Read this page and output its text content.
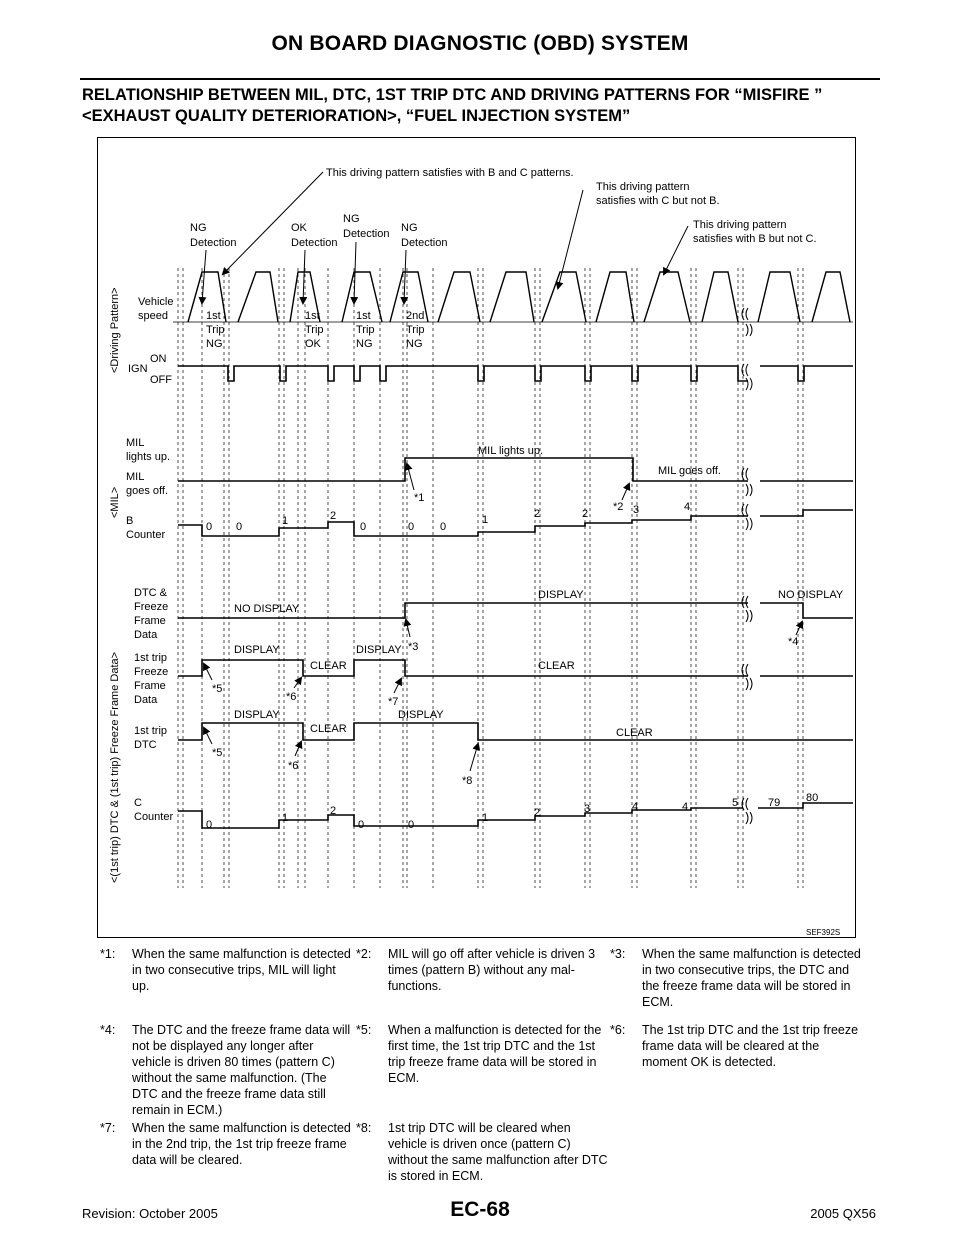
ON BOARD DIAGNOSTIC (OBD) SYSTEM
RELATIONSHIP BETWEEN MIL, DTC, 1ST TRIP DTC AND DRIVING PATTERNS FOR “MISFIRE ” <EXHAUST QUALITY DETERIORATION>, “FUEL INJECTION SYSTEM”
This driving pattern satisfies with B and C patterns.
This driving pattern
satisfies with C but not B.
This driving pattern
satisfies with B but not C.
NG
Detection
OK
Detection
NG
Detection NG
Detection
<Driving Pattern>
<MIL>
<(1st trip) DTC & (1st trip) Freeze Frame Data>
Vehicle
speed
ON
IGN
OFF
MIL
lights up.
MIL
goes off.
B
Counter
DTC &
Freeze
Frame
Data
1st trip
Freeze
Frame
Data
1st trip
DTC
C
Counter
1st
Trip
NG
1st
Trip
OK
1st
Trip
NG
2nd
Trip
NG
MIL lights up.
MIL goes off.
0 0	1	2
0	0 0
1	2	2	3	4
NO DISPLAY
DISPLAY	NO DISPLAY
DISPLAY
CLEAR
DISPLAY
CLEAR
DISPLAY
CLEAR
DISPLAY
CLEAR
0
1
2
0	0
1	2	3	4	4	5	79 80
*1
*2
*3	*4
*5
*6	*7
*5
*6
*8
SEF392S
*1: When the same malfunction is detected in two consecutive trips, MIL will light up.
*2: MIL will go off after vehicle is driven 3 times (pattern B) without any mal-functions.
*3: When the same malfunction is detected in two consecutive trips, the DTC and the freeze frame data will be stored in ECM.
*4: The DTC and the freeze frame data will not be displayed any longer after vehicle is driven 80 times (pattern C) without the same malfunction. (The DTC and the freeze frame data still remain in ECM.)
*5: When a malfunction is detected for the first time, the 1st trip DTC and the 1st trip freeze frame data will be stored in ECM.
*6: The 1st trip DTC and the 1st trip freeze frame data will be cleared at the moment OK is detected.
*7: When the same malfunction is detected in the 2nd trip, the 1st trip freeze frame data will be cleared.
*8: 1st trip DTC will be cleared when vehicle is driven once (pattern C) without the same malfunction after DTC is stored in ECM.
Revision: October 2005	EC-68	2005 QX56
